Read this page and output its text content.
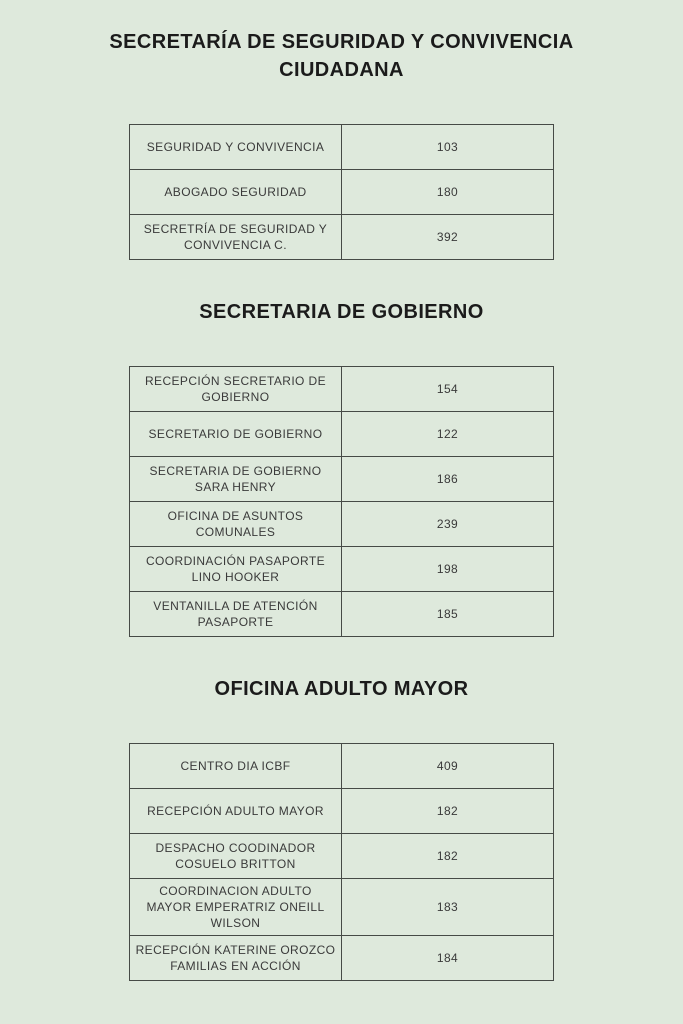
SECRETARÍA DE SEGURIDAD Y CONVIVENCIA CIUDADANA
SEGURIDAD Y CONVIVENCIA	103
ABOGADO SEGURIDAD	180
SECRETRÍA DE SEGURIDAD Y CONVIVENCIA C.	392
SECRETARIA DE GOBIERNO
RECEPCIÓN SECRETARIO DE GOBIERNO	154
SECRETARIO DE GOBIERNO	122
SECRETARIA DE GOBIERNO SARA HENRY	186
OFICINA DE ASUNTOS COMUNALES	239
COORDINACIÓN PASAPORTE LINO HOOKER	198
VENTANILLA DE ATENCIÓN PASAPORTE	185
OFICINA ADULTO MAYOR
CENTRO DIA ICBF	409
RECEPCIÓN ADULTO MAYOR	182
DESPACHO COODINADOR COSUELO BRITTON	182
COORDINACION ADULTO MAYOR EMPERATRIZ ONEILL WILSON	183
RECEPCIÓN KATERINE OROZCO FAMILIAS EN ACCIÓN	184
